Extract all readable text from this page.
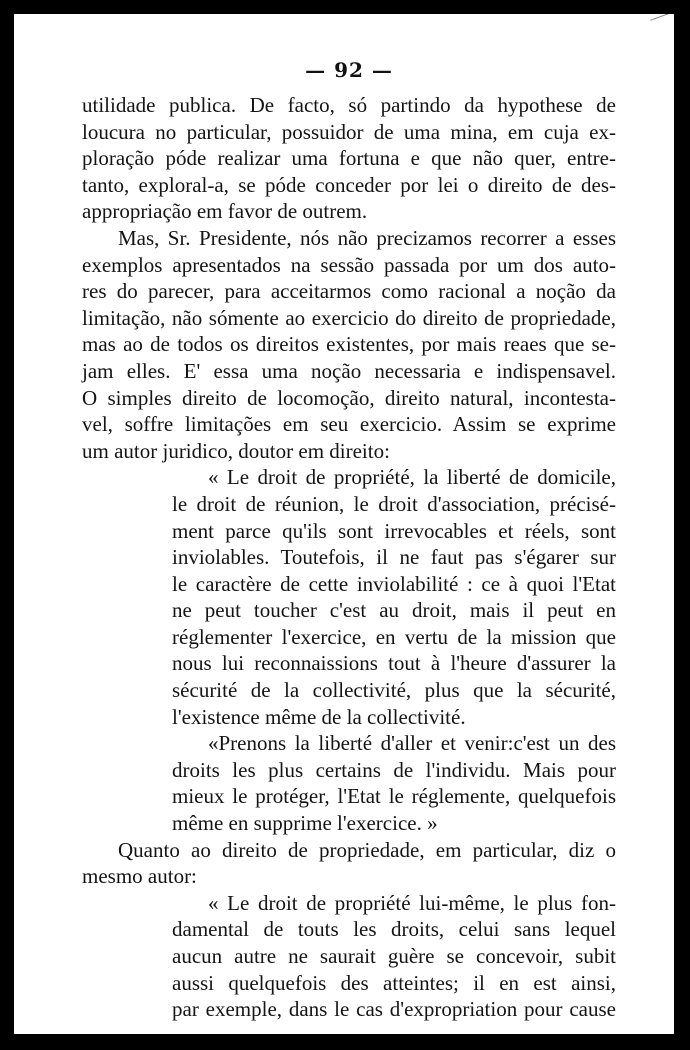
— 92 —
utilidade publica. De facto, só partindo da hypothese de
loucura no particular, possuidor de uma mina, em cuja ex-
ploração póde realizar uma fortuna e que não quer, entre-
tanto, exploral-a, se póde conceder por lei o direito de des-
appropriação em favor de outrem.
Mas, Sr. Presidente, nós não precizamos recorrer a esses
exemplos apresentados na sessão passada por um dos auto-
res do parecer, para acceitarmos como racional a noção da
limitação, não sómente ao exercicio do direito de propriedade,
mas ao de todos os direitos existentes, por mais reaes que se-
jam elles. E' essa uma noção necessaria e indispensavel.
O simples direito de locomoção, direito natural, incontesta-
vel, soffre limitações em seu exercicio. Assim se exprime
um autor juridico, doutor em direito:
« Le droit de propriété, la liberté de domicile,
le droit de réunion, le droit d'association, précisé-
ment parce qu'ils sont irrevocables et réels, sont
inviolables. Toutefois, il ne faut pas s'égarer sur
le caractère de cette inviolabilité : ce à quoi l'Etat
ne peut toucher c'est au droit, mais il peut en
réglementer l'exercice, en vertu de la mission que
nous lui reconnaissions tout à l'heure d'assurer la
sécurité de la collectivité, plus que la sécurité,
l'existence même de la collectivité.
«Prenons la liberté d'aller et venir:c'est un des
droits les plus certains de l'individu. Mais pour
mieux le protéger, l'Etat le réglemente, quelquefois
même en supprime l'exercice. »
Quanto ao direito de propriedade, em particular, diz o
mesmo autor:
« Le droit de propriété lui-même, le plus fon-
damental de touts les droits, celui sans lequel
aucun autre ne saurait guère se concevoir, subit
aussi quelquefois des atteintes; il en est ainsi,
par exemple, dans le cas d'expropriation pour cause
